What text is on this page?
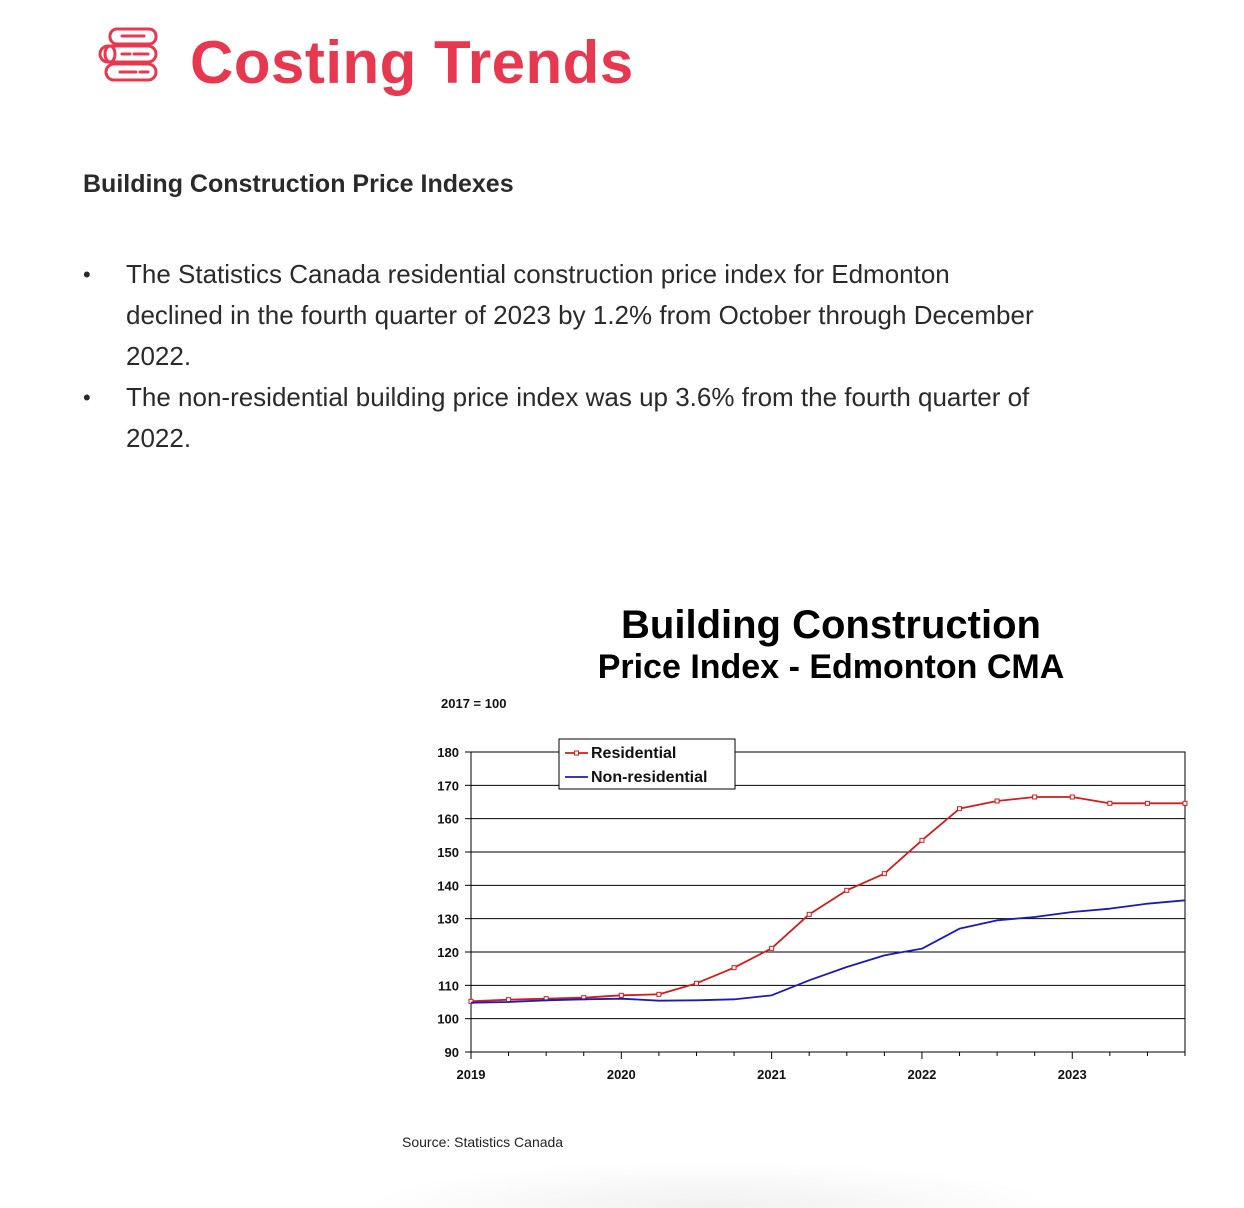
Costing Trends
Building Construction Price Indexes
• The Statistics Canada residential construction price index for Edmonton declined in the fourth quarter of 2023 by 1.2% from October through December 2022.
• The non-residential building price index was up 3.6% from the fourth quarter of 2022.
Building Construction
Price Index - Edmonton CMA
2017 = 100
90
100
110
120
130
140
150
160
170
180
2019	2020	2021	2022	2023
Residential
Non-residential
Source: Statistics Canada
